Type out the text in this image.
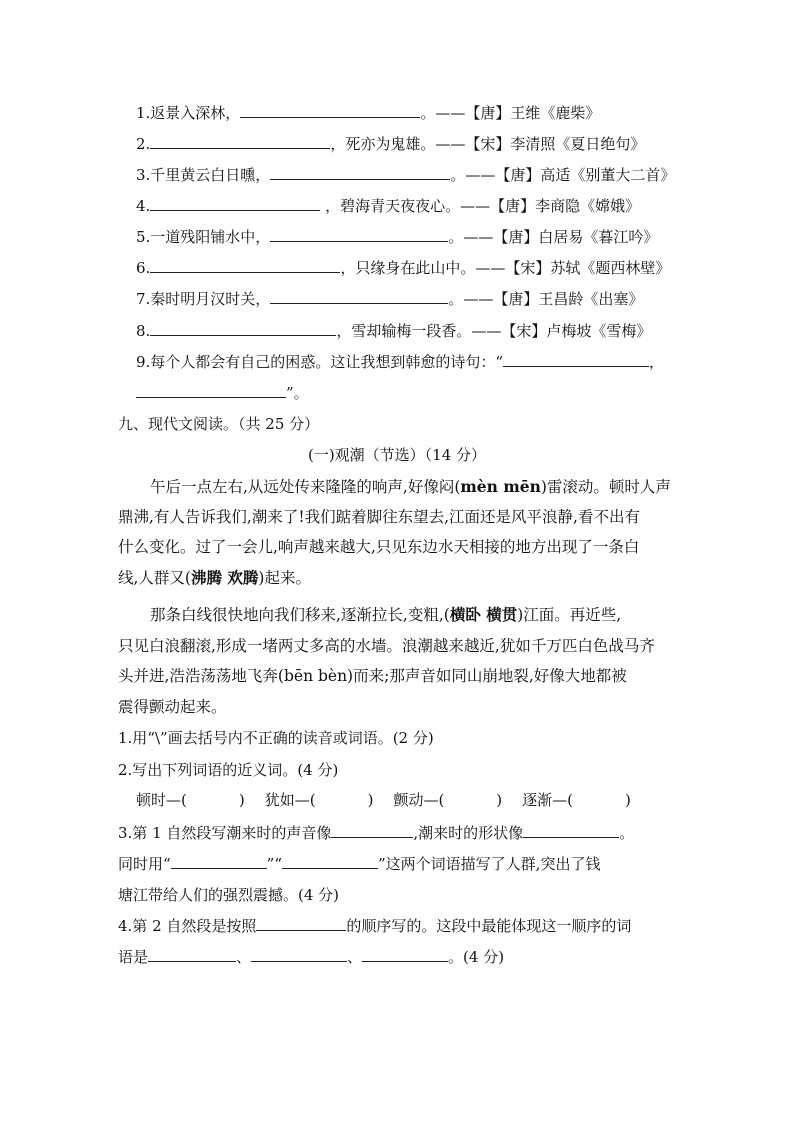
1.返景入深林，	。——【唐】王维《鹿柴》
2.	，死亦为鬼雄。——【宋】李清照《夏日绝句》
3.千里黄云白日曛，	。——【唐】高适《别董大二首》
4.	，碧海青天夜夜心。——【唐】李商隐《嫦娥》
5.一道残阳铺水中，	。——【唐】白居易《暮江吟》
6.	，只缘身在此山中。——【宋】苏轼《题西林壁》
7.秦时明月汉时关，	。——【唐】王昌龄《出塞》
8.	，雪却输梅一段香。——【宋】卢梅坡《雪梅》
9.每个人都会有自己的困惑。这让我想到韩愈的诗句：“	，
”。
九、现代文阅读。（共 25 分）
(一)观潮（节选）（14 分）
午后一点左右,从远处传来隆隆的响声,好像闷(mèn mēn)雷滚动。顿时人声
鼎沸,有人告诉我们,潮来了!我们踮着脚往东望去,江面还是风平浪静,看不出有
什么变化。过了一会儿,响声越来越大,只见东边水天相接的地方出现了一条白
线,人群又(沸腾 欢腾)起来。
那条白线很快地向我们移来,逐渐拉长,变粗,(横卧 横贯)江面。再近些,
只见白浪翻滚,形成一堵两丈多高的水墙。浪潮越来越近,犹如千万匹白色战马齐
头并进,浩浩荡荡地飞奔(bēn bèn)而来;那声音如同山崩地裂,好像大地都被
震得颤动起来。
1.用“\”画去括号内不正确的读音或词语。(2 分)
2.写出下列词语的近义词。(4 分)
顿时—(	) 犹如—(	) 颤动—(	) 逐渐—(	)
3.第 1 自然段写潮来时的声音像	,潮来时的形状像	。
同时用“	”“	”这两个词语描写了人群,突出了钱
塘江带给人们的强烈震撼。(4 分)
4.第 2 自然段是按照	的顺序写的。这段中最能体现这一顺序的词
语是	、	、	。(4 分)
